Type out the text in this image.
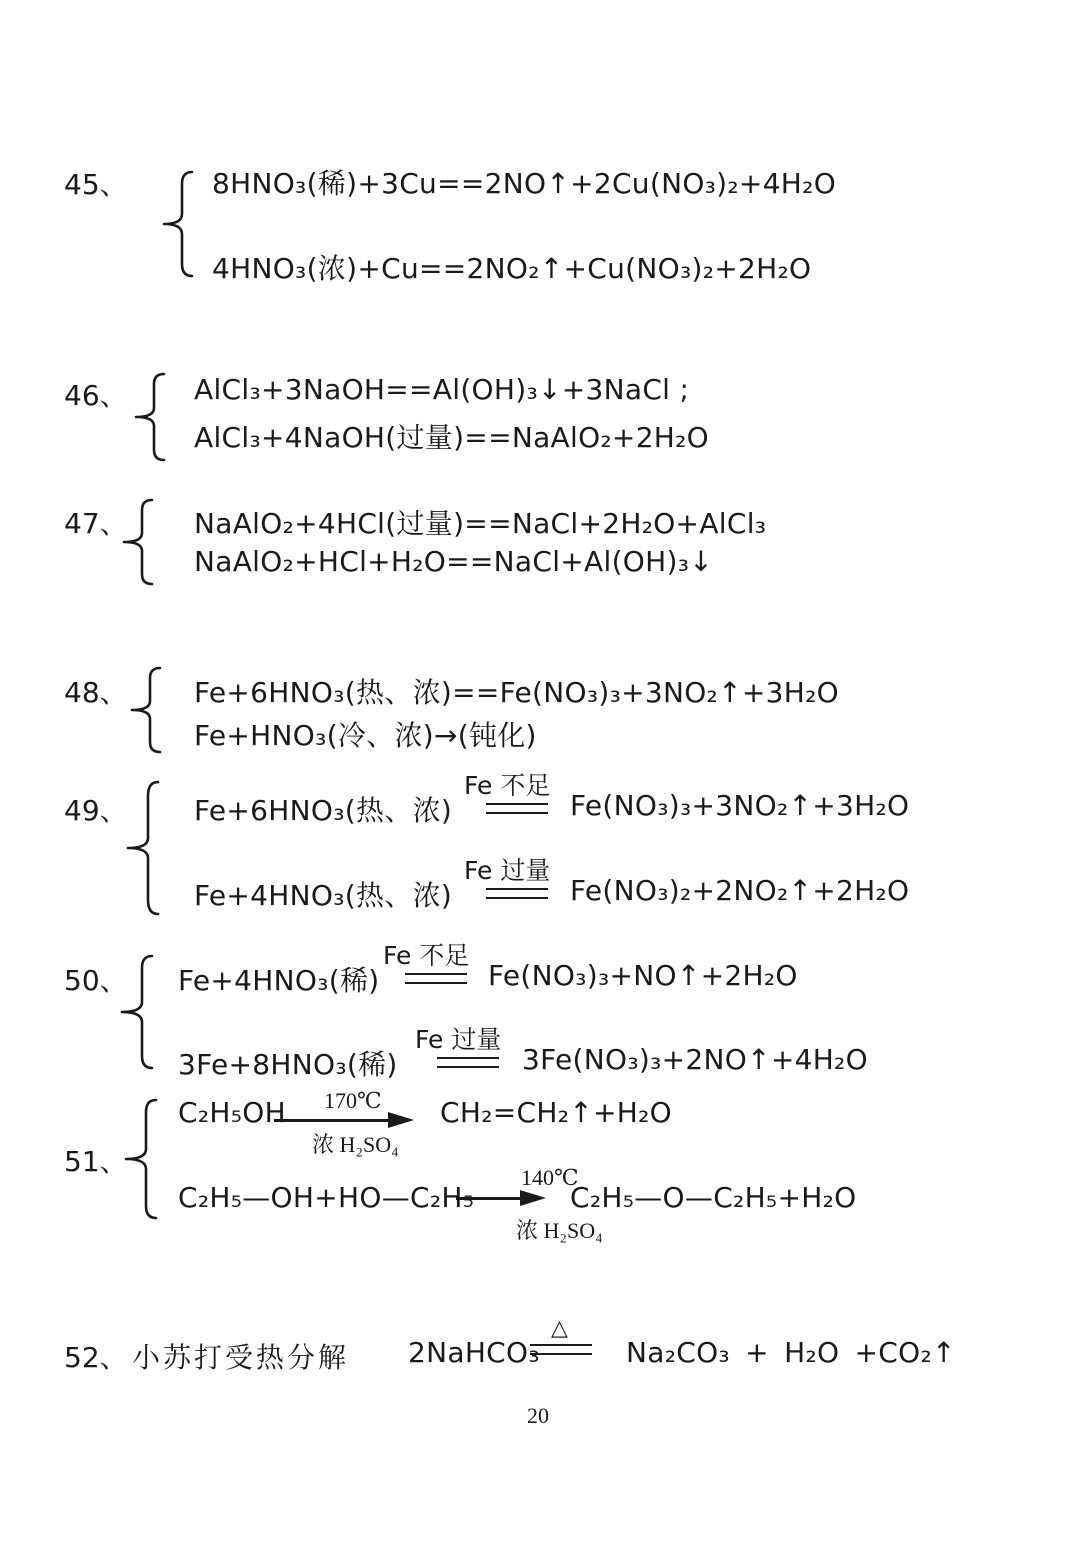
45、	8HNO₃(稀)+3Cu==2NO↑+2Cu(NO₃)₂+4H₂O
4HNO₃(浓)+Cu==2NO₂↑+Cu(NO₃)₂+2H₂O
46、 AlCl₃+3NaOH==Al(OH)₃↓+3NaCl ;
AlCl₃+4NaOH(过量)==NaAlO₂+2H₂O
47、 NaAlO₂+4HCl(过量)==NaCl+2H₂O+AlCl₃
NaAlO₂+HCl+H₂O==NaCl+Al(OH)₃↓
48、 Fe+6HNO₃(热、浓)==Fe(NO₃)₃+3NO₂↑+3H₂O
Fe+HNO₃(冷、浓)→(钝化)
49、 Fe+6HNO₃(热、浓)
Fe 不足
Fe(NO₃)₃+3NO₂↑+3H₂O
Fe+4HNO₃(热、浓)
Fe 过量
Fe(NO₃)₂+2NO₂↑+2H₂O
50、 Fe+4HNO₃(稀)
Fe 不足
Fe(NO₃)₃+NO↑+2H₂O
3Fe+8HNO₃(稀)
Fe 过量
3Fe(NO₃)₃+2NO↑+4H₂O
51、
C₂H₅OH 170℃
浓 H₂SO₄
CH₂=CH₂↑+H₂O
C₂H₅—OH+HO—C₂H₅
140℃
浓 H₂SO₄
C₂H₅—O—C₂H₅+H₂O
52、 小苏打受热分解 2NaHCO₃
△
Na₂CO₃ + H₂O +CO₂↑
20
